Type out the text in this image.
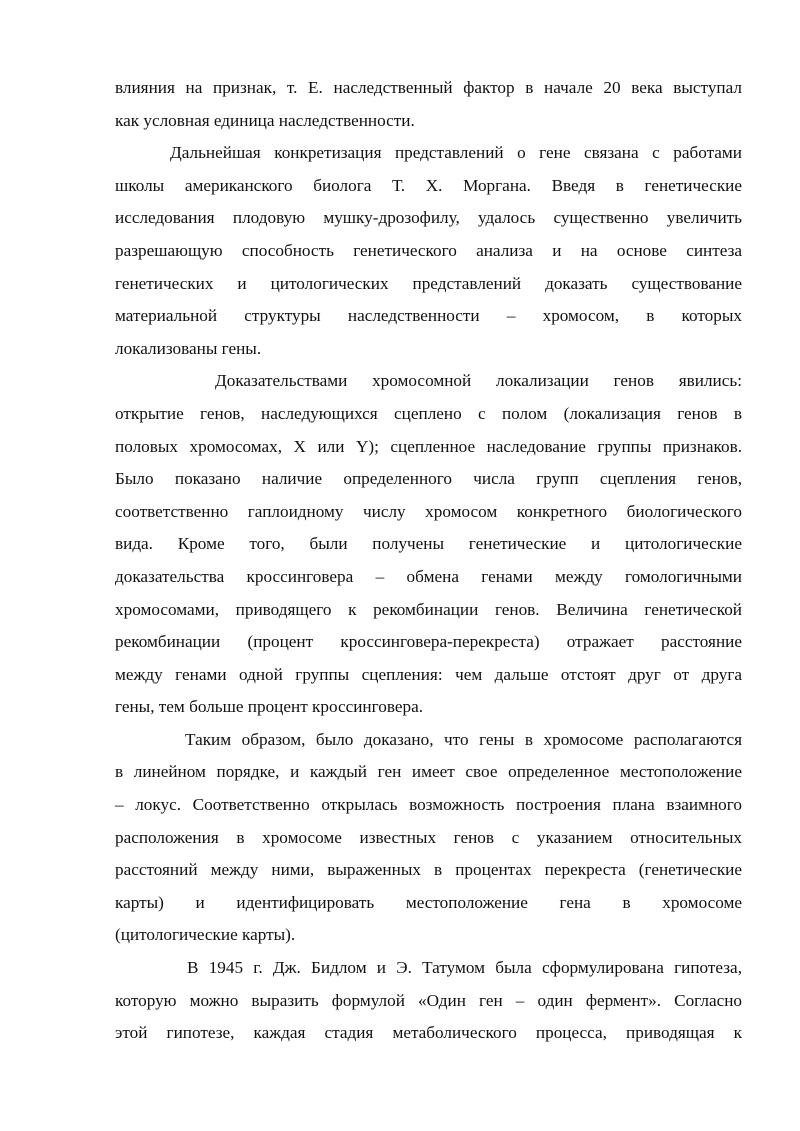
влияния на признак, т. Е. наследственный фактор в начале 20 века выступал
как условная единица наследственности.
Дальнейшая конкретизация представлений о гене связана с работами
школы американского биолога Т. Х. Моргана. Введя в генетические
исследования плодовую мушку-дрозофилу, удалось существенно увеличить
разрешающую способность генетического анализа и на основе синтеза
генетических и цитологических представлений доказать существование
материальной структуры наследственности – хромосом, в которых
локализованы гены.
Доказательствами хромосомной локализации генов явились:
открытие генов, наследующихся сцеплено с полом (локализация генов в
половых хромосомах, X или Y); сцепленное наследование группы признаков.
Было показано наличие определенного числа групп сцепления генов,
соответственно гаплоидному числу хромосом конкретного биологического
вида. Кроме того, были получены генетические и цитологические
доказательства кроссинговера – обмена генами между гомологичными
хромосомами, приводящего к рекомбинации генов. Величина генетической
рекомбинации (процент кроссинговера-перекреста) отражает расстояние
между генами одной группы сцепления: чем дальше отстоят друг от друга
гены, тем больше процент кроссинговера.
Таким образом, было доказано, что гены в хромосоме располагаются
в линейном порядке, и каждый ген имеет свое определенное местоположение
– локус. Соответственно открылась возможность построения плана взаимного
расположения в хромосоме известных генов с указанием относительных
расстояний между ними, выраженных в процентах перекреста (генетические
карты) и идентифицировать местоположение гена в хромосоме
(цитологические карты).
В 1945 г. Дж. Бидлом и Э. Татумом была сформулирована гипотеза,
которую можно выразить формулой «Один ген – один фермент». Согласно
этой гипотезе, каждая стадия метаболического процесса, приводящая к
